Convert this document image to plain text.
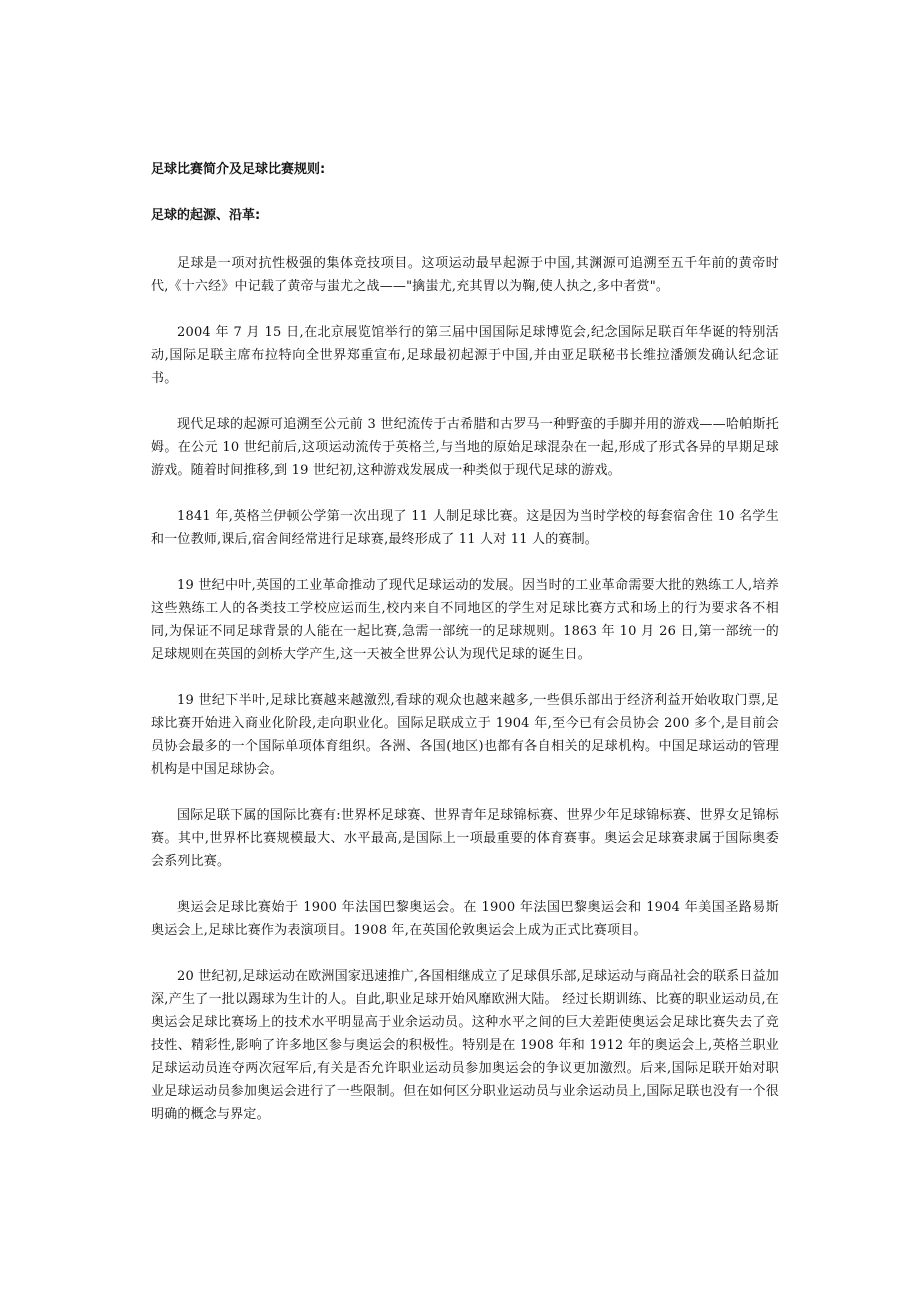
足球比赛简介及足球比赛规则:

足球的起源、沿革:

足球是一项对抗性极强的集体竞技项目。这项运动最早起源于中国,其渊源可追溯至五千年前的黄帝时代,《十六经》中记载了黄帝与蚩尤之战——"擒蚩尤,充其胃以为鞠,使人执之,多中者赏"。

2004 年 7 月 15 日,在北京展览馆举行的第三届中国国际足球博览会,纪念国际足联百年华诞的特别活动,国际足联主席布拉特向全世界郑重宣布,足球最初起源于中国,并由亚足联秘书长维拉潘颁发确认纪念证书。

现代足球的起源可追溯至公元前 3 世纪流传于古希腊和古罗马一种野蛮的手脚并用的游戏——哈帕斯托姆。在公元 10 世纪前后,这项运动流传于英格兰,与当地的原始足球混杂在一起,形成了形式各异的早期足球游戏。随着时间推移,到 19 世纪初,这种游戏发展成一种类似于现代足球的游戏。

1841 年,英格兰伊顿公学第一次出现了 11 人制足球比赛。这是因为当时学校的每套宿舍住 10 名学生和一位教师,课后,宿舍间经常进行足球赛,最终形成了 11 人对 11 人的赛制。

19 世纪中叶,英国的工业革命推动了现代足球运动的发展。因当时的工业革命需要大批的熟练工人,培养这些熟练工人的各类技工学校应运而生,校内来自不同地区的学生对足球比赛方式和场上的行为要求各不相同,为保证不同足球背景的人能在一起比赛,急需一部统一的足球规则。1863 年 10 月 26 日,第一部统一的足球规则在英国的剑桥大学产生,这一天被全世界公认为现代足球的诞生日。

19 世纪下半叶,足球比赛越来越激烈,看球的观众也越来越多,一些俱乐部出于经济利益开始收取门票,足球比赛开始进入商业化阶段,走向职业化。国际足联成立于 1904 年,至今已有会员协会 200 多个,是目前会员协会最多的一个国际单项体育组织。各洲、各国(地区)也都有各自相关的足球机构。中国足球运动的管理机构是中国足球协会。

国际足联下属的国际比赛有:世界杯足球赛、世界青年足球锦标赛、世界少年足球锦标赛、世界女足锦标赛。其中,世界杯比赛规模最大、水平最高,是国际上一项最重要的体育赛事。奥运会足球赛隶属于国际奥委会系列比赛。

奥运会足球比赛始于 1900 年法国巴黎奥运会。在 1900 年法国巴黎奥运会和 1904 年美国圣路易斯奥运会上,足球比赛作为表演项目。1908 年,在英国伦敦奥运会上成为正式比赛项目。

20 世纪初,足球运动在欧洲国家迅速推广,各国相继成立了足球俱乐部,足球运动与商品社会的联系日益加深,产生了一批以踢球为生计的人。自此,职业足球开始风靡欧洲大陆。 经过长期训练、比赛的职业运动员,在奥运会足球比赛场上的技术水平明显高于业余运动员。这种水平之间的巨大差距使奥运会足球比赛失去了竞技性、精彩性,影响了许多地区参与奥运会的积极性。特别是在 1908 年和 1912 年的奥运会上,英格兰职业足球运动员连夺两次冠军后,有关是否允许职业运动员参加奥运会的争议更加激烈。后来,国际足联开始对职业足球运动员参加奥运会进行了一些限制。但在如何区分职业运动员与业余运动员上,国际足联也没有一个很明确的概念与界定。
